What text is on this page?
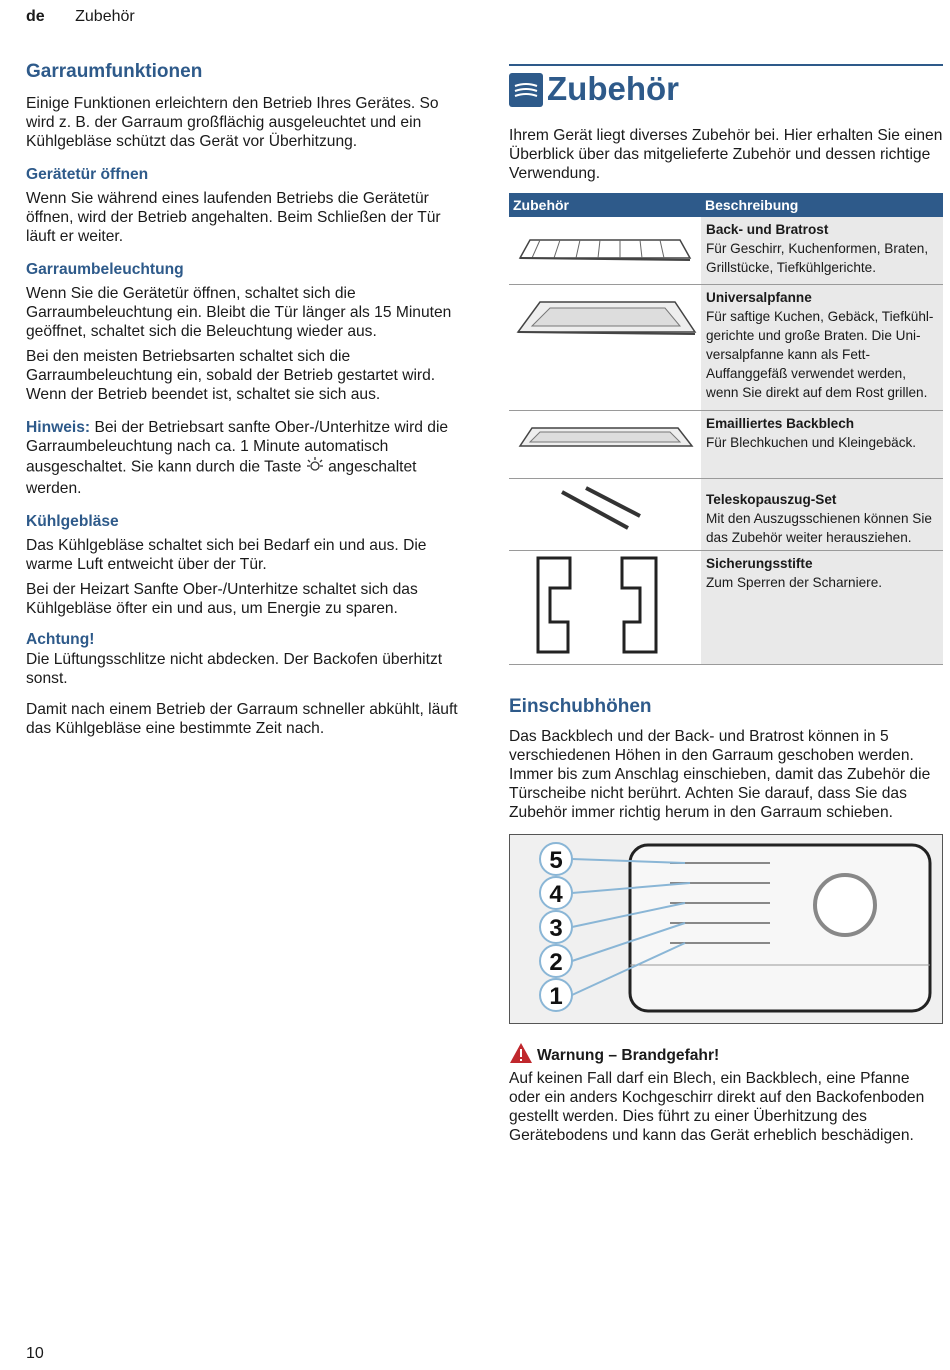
de Zubehör
Garraumfunktionen

Einige Funktionen erleichtern den Betrieb Ihres Gerätes. So wird z. B. der Garraum großflächig ausgeleuchtet und ein Kühlgebläse schützt das Gerät vor Überhitzung.

Gerätetür öffnen

Wenn Sie während eines laufenden Betriebs die Gerätetür öffnen, wird der Betrieb angehalten. Beim Schließen der Tür läuft er weiter.

Garraumbeleuchtung

Wenn Sie die Gerätetür öffnen, schaltet sich die Garraumbeleuchtung ein. Bleibt die Tür länger als 15 Minuten geöffnet, schaltet sich die Beleuchtung wieder aus.

Bei den meisten Betriebsarten schaltet sich die Garraumbeleuchtung ein, sobald der Betrieb gestartet wird. Wenn der Betrieb beendet ist, schaltet sie sich aus.

Hinweis: Bei der Betriebsart sanfte Ober-/Unterhitze wird die Garraumbeleuchtung nach ca. 1 Minute automatisch ausgeschaltet. Sie kann durch die Taste angeschaltet werden.

Kühlgebläse

Das Kühlgebläse schaltet sich bei Bedarf ein und aus. Die warme Luft entweicht über der Tür.

Bei der Heizart Sanfte Ober-/Unterhitze schaltet sich das Kühlgebläse öfter ein und aus, um Energie zu sparen.

Achtung!

Die Lüftungsschlitze nicht abdecken. Der Backofen überhitzt sonst.

Damit nach einem Betrieb der Garraum schneller abkühlt, läuft das Kühlgebläse eine bestimmte Zeit nach.

Zubehör

Ihrem Gerät liegt diverses Zubehör bei. Hier erhalten Sie einen Überblick über das mitgelieferte Zubehör und dessen richtige Verwendung.

Zubehör	Beschreibung

Back- und Bratrost
Für Geschirr, Kuchenformen, Braten, Grillstücke, Tiefkühlgerichte.

Universalpfanne
Für saftige Kuchen, Gebäck, Tiefkühl- gerichte und große Braten. Die Uni- versalpfanne kann als Fett- Auffanggefäß verwendet werden, wenn Sie direkt auf dem Rost grillen.

Emailliertes Backblech
Für Blechkuchen und Kleingebäck.

Teleskopauszug-Set
Mit den Auszugsschienen können Sie das Zubehör weiter herausziehen.

Sicherungsstifte
Zum Sperren der Scharniere.
Einschubhöhen

Das Backblech und der Back- und Bratrost können in 5 verschiedenen Höhen in den Garraum geschoben werden. Immer bis zum Anschlag einschieben, damit das Zubehör die Türscheibe nicht berührt. Achten Sie darauf, dass Sie das Zubehör immer richtig herum in den Garraum schieben.

5
4
3
2
1
Warnung – Brandgefahr!

Auf keinen Fall darf ein Blech, ein Backblech, eine Pfanne oder ein anders Kochgeschirr direkt auf den Backofenboden gestellt werden. Dies führt zu einer Überhitzung des Gerätebodens und kann das Gerät erheblich beschädigen.

10
